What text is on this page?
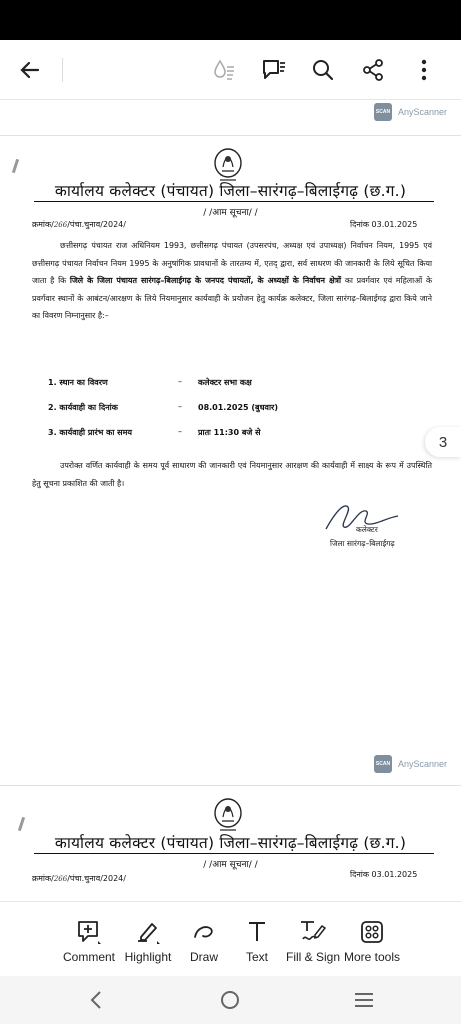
SCAN AnyScanner
कार्यालय कलेक्टर (पंचायत) जिला–सारंगढ़–बिलाईगढ़ (छ.ग.)
/ /आम सूचना/ /
क्रमांक/266/पंचा.चुनाव/2024/	दिनांक 03.01.2025
छत्तीसगढ़ पंचायत राज अधिनियम 1993, छत्तीसगढ़ पंचायत (उपसरपंच, अध्यक्ष एवं उपाध्यक्ष) निर्वाचन नियम, 1995 एवं छत्तीसगढ़ पंचायत निर्वाचन नियम 1995 के अनुषांगिक प्रावधानों के तारतम्य में, एतद् द्वारा, सर्व साधरण की जानकारी के लिये सूचित किया जाता है कि जिले के जिला पंचायत सारंगढ़–बिलाईगढ़ के जनपद पंचायतों, के अध्यक्षों के निर्वाचन क्षेत्रों का प्रवर्गवार एवं महिलाओं के प्रवर्गवार स्थानों के आबंटन/आरक्षण के लिये नियमानुसार कार्यवाही के प्रयोजन हेतु कार्यक्र कलेक्टर, जिला सारंगढ़–बिलाईगढ़ द्वारा किये जाने का विवरण निम्नानुसार है:–
1. स्थान का विवरण	– कलेक्टर सभा कक्ष
2. कार्यवाही का दिनांक	– 08.01.2025 (बुधवार)
3. कार्यवाही प्रारंभ का समय	– प्रातः 11:30 बजे से
उपरोक्त वर्णित कार्यवाही के समय पूर्व साधारण की जानकारी एवं नियमानुसार आरक्षण की कार्यवाही में साक्ष्य के रूप में उपस्थिति हेतु सूचना प्रकाशित की जाती है।
कलेक्टर
जिला सारंगढ़–बिलाईगढ़
SCAN AnyScanner
कार्यालय कलेक्टर (पंचायत) जिला–सारंगढ़–बिलाईगढ़ (छ.ग.)
/ /आम सूचना/ /
क्रमांक/266/पंचा.चुनाव/2024/	दिनांक 03.01.2025
3
Comment Highlight	Draw	Text	Fill & Sign More tools
